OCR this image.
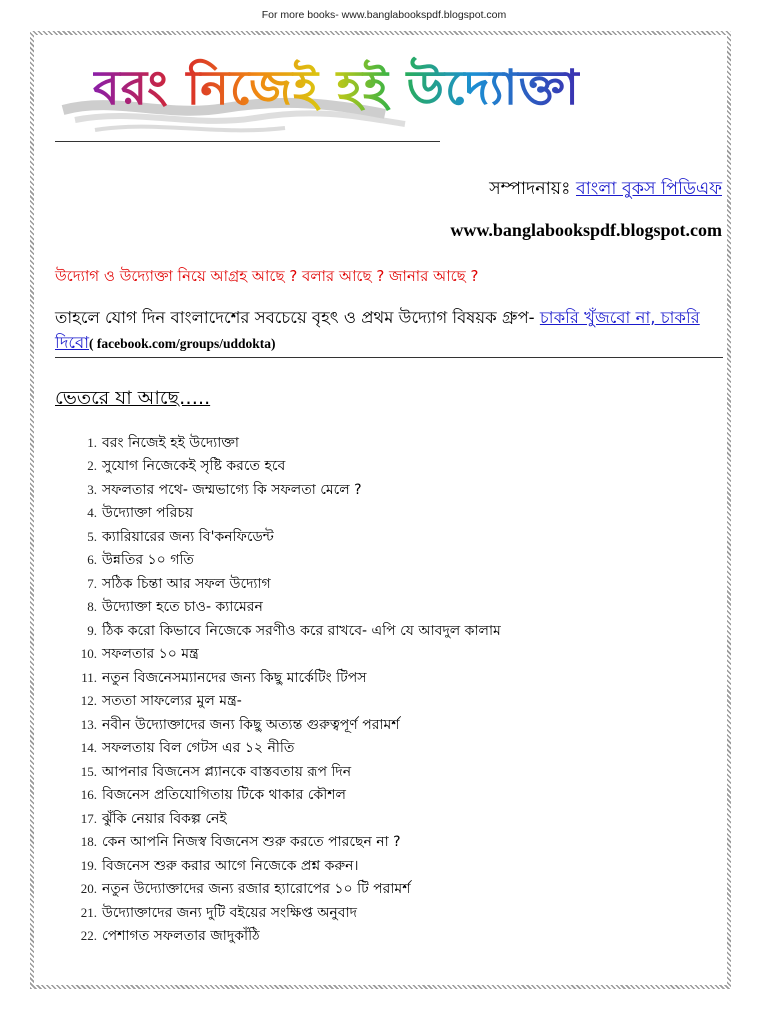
For more books- www.banglabookspdf.blogspot.com
বরং নিজেই হই উদ্যোক্তা
সম্পাদনায়ঃ বাংলা বুকস পিডিএফ
www.banglabookspdf.blogspot.com
উদ্যোগ ও উদ্যোক্তা নিয়ে আগ্রহ আছে ? বলার আছে ? জানার আছে ?
তাহলে যোগ দিন বাংলাদেশের সবচেয়ে বৃহৎ ও প্রথম উদ্যোগ বিষয়ক গ্রুপ- চাকরি খুঁজবো না, চাকরি দিবো( facebook.com/groups/uddokta)
ভেতরে যা আছে…..
1. বরং নিজেই হই উদ্যোক্তা
2. সুযোগ নিজেকেই সৃষ্টি করতে হবে
3. সফলতার পথে- জম্মভাগ্যে কি সফলতা মেলে ?
4. উদ্যোক্তা পরিচয়
5. ক্যারিয়ারের জন্য বি'কনফিডেন্ট
6. উন্নতির ১০ গতি
7. সঠিক চিন্তা আর সফল উদ্যোগ
8. উদ্যোক্তা হতে চাও- ক্যামেরন
9. ঠিক করো কিভাবে নিজেকে সরণীও করে রাখবে- এপি যে আবদুল কালাম
10. সফলতার ১০ মন্ত্র
11. নতুন বিজনেসম্যানদের জন্য কিছু মার্কেটিং টিপস
12. সততা সাফল্যের মুল মন্ত্র-
13. নবীন উদ্যোক্তাদের জন্য কিছু অত্যন্ত গুরুত্বপূর্ণ পরামর্শ
14. সফলতায় বিল গেটস এর ১২ নীতি
15. আপনার বিজনেস প্ল্যানকে বাস্তবতায় রূপ দিন
16. বিজনেস প্রতিযোগিতায় টিকে থাকার কৌশল
17. ঝুঁকি নেয়ার বিকল্প নেই
18. কেন আপনি নিজস্ব বিজনেস শুরু করতে পারছেন না ?
19. বিজনেস শুরু করার আগে নিজেকে প্রশ্ন করুন।
20. নতুন উদ্যোক্তাদের জন্য রজার হ্যারোপের ১০ টি পরামর্শ
21. উদ্যোক্তাদের জন্য দুটি বইয়ের সংক্ষিপ্ত অনুবাদ
22. পেশাগত সফলতার জাদুকাঁঠি
